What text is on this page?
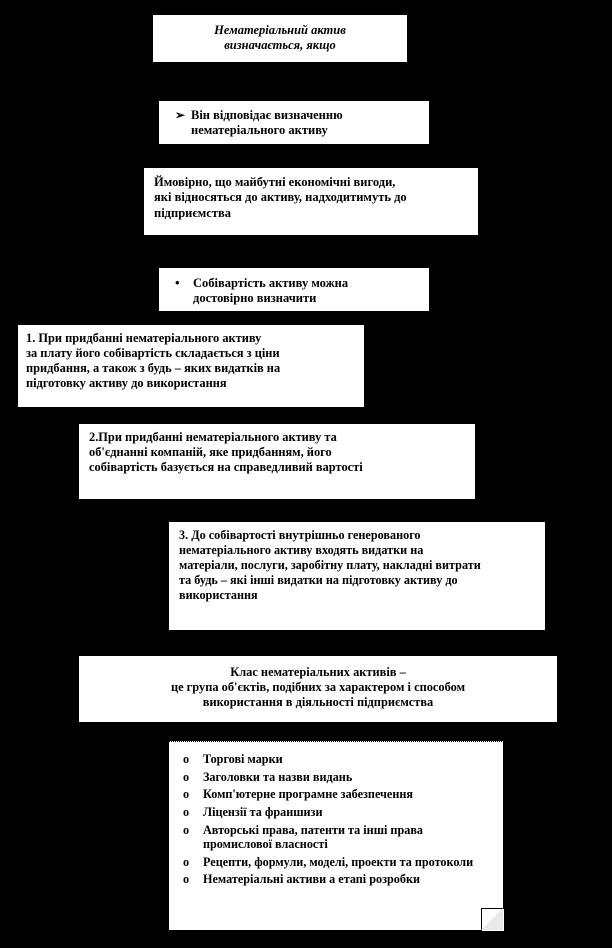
Нематеріальний актив
визначається, якщо
➢ Він відповідає визначенню
нематеріального активу
Ймовірно, що майбутні економічні вигоди,
які відносяться до активу, надходитимуть до
підприємства
• Собівартість активу можна
достовірно визначити
1. При придбанні нематеріального активу
за плату його собівартість складається з ціни
придбання, а також з будь – яких видатків на
підготовку активу до використання
2.При придбанні нематеріального активу та
об'єднанні компаній, яке придбанням, його
собівартість базується на справедливий вартості
3. До собівартості внутрішньо генерованого
нематеріального активу входять видатки на
матеріали, послуги, заробітну плату, накладні витрати
та будь – які інші видатки на підготовку активу до
використання
Клас нематеріальних активів –
це група об'єктів, подібних за характером і способом
використання в діяльності підприємства
o Торгові марки
o Заголовки та назви видань
o Комп'ютерне програмне забезпечення
o Ліцензії та франшизи
o Авторські права, патенти та інші права промислової власності
o Рецепти, формули, моделі, проекти та протоколи
o Нематеріальні активи а етапі розробки
